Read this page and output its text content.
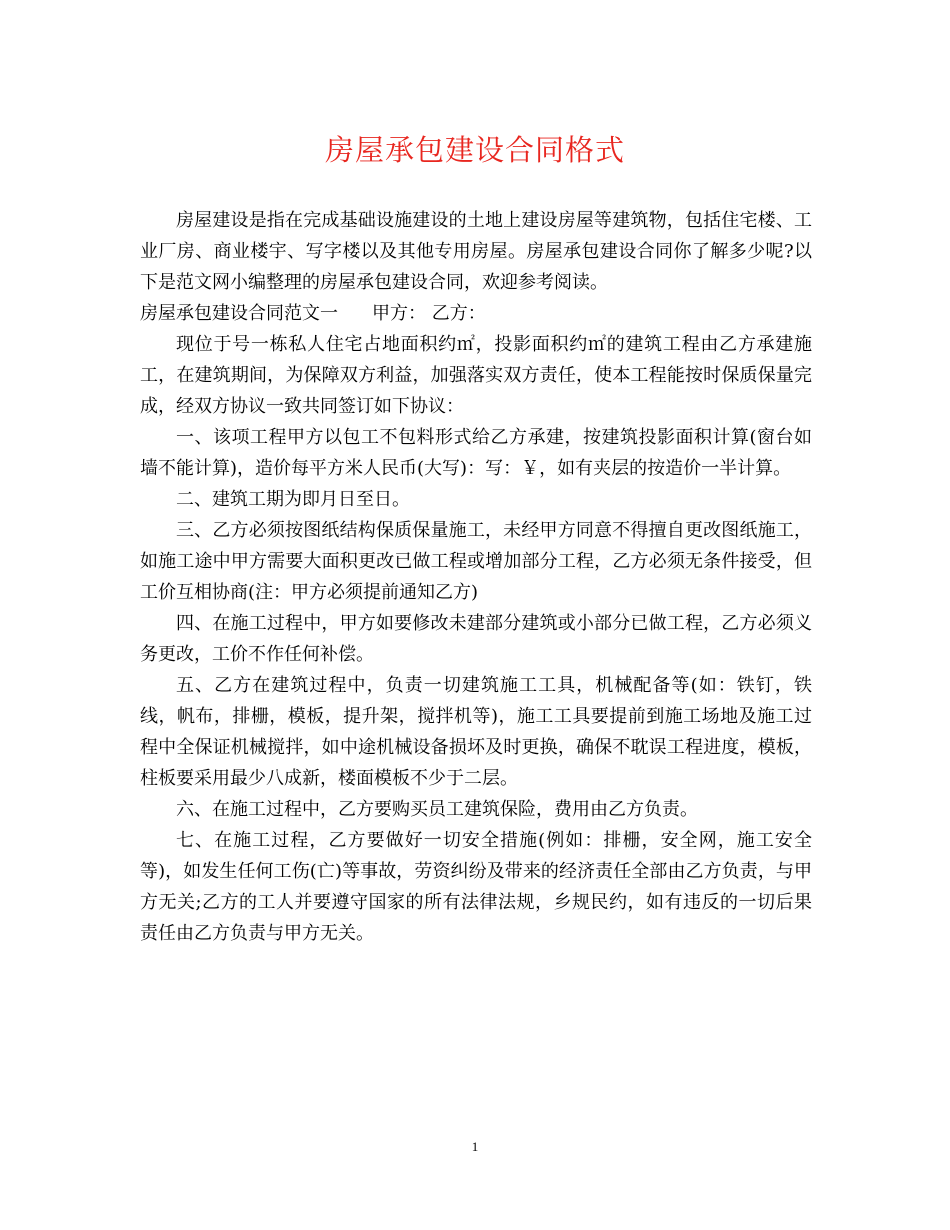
房屋承包建设合同格式

房屋建设是指在完成基础设施建设的土地上建设房屋等建筑物，包括住宅楼、工业厂房、商业楼宇、写字楼以及其他专用房屋。房屋承包建设合同你了解多少呢?以下是范文网小编整理的房屋承包建设合同，欢迎参考阅读。

房屋承包建设合同范文一 甲方： 乙方：

现位于号一栋私人住宅占地面积约㎡，投影面积约㎡的建筑工程由乙方承建施工，在建筑期间，为保障双方利益，加强落实双方责任，使本工程能按时保质保量完成，经双方协议一致共同签订如下协议：

一、该项工程甲方以包工不包料形式给乙方承建，按建筑投影面积计算(窗台如墙不能计算)，造价每平方米人民币(大写)：写：￥，如有夹层的按造价一半计算。

二、建筑工期为即月日至日。

三、乙方必须按图纸结构保质保量施工，未经甲方同意不得擅自更改图纸施工，如施工途中甲方需要大面积更改已做工程或增加部分工程，乙方必须无条件接受，但工价互相协商(注：甲方必须提前通知乙方)

四、在施工过程中，甲方如要修改未建部分建筑或小部分已做工程，乙方必须义务更改，工价不作任何补偿。

五、乙方在建筑过程中，负责一切建筑施工工具，机械配备等(如：铁钉，铁线，帆布，排栅，模板，提升架，搅拌机等)，施工工具要提前到施工场地及施工过程中全保证机械搅拌，如中途机械设备损坏及时更换，确保不耽误工程进度，模板，柱板要采用最少八成新，楼面模板不少于二层。

六、在施工过程中，乙方要购买员工建筑保险，费用由乙方负责。

七、在施工过程，乙方要做好一切安全措施(例如：排栅，安全网，施工安全等)，如发生任何工伤(亡)等事故，劳资纠纷及带来的经济责任全部由乙方负责，与甲方无关;乙方的工人并要遵守国家的所有法律法规，乡规民约，如有违反的一切后果责任由乙方负责与甲方无关。

1
